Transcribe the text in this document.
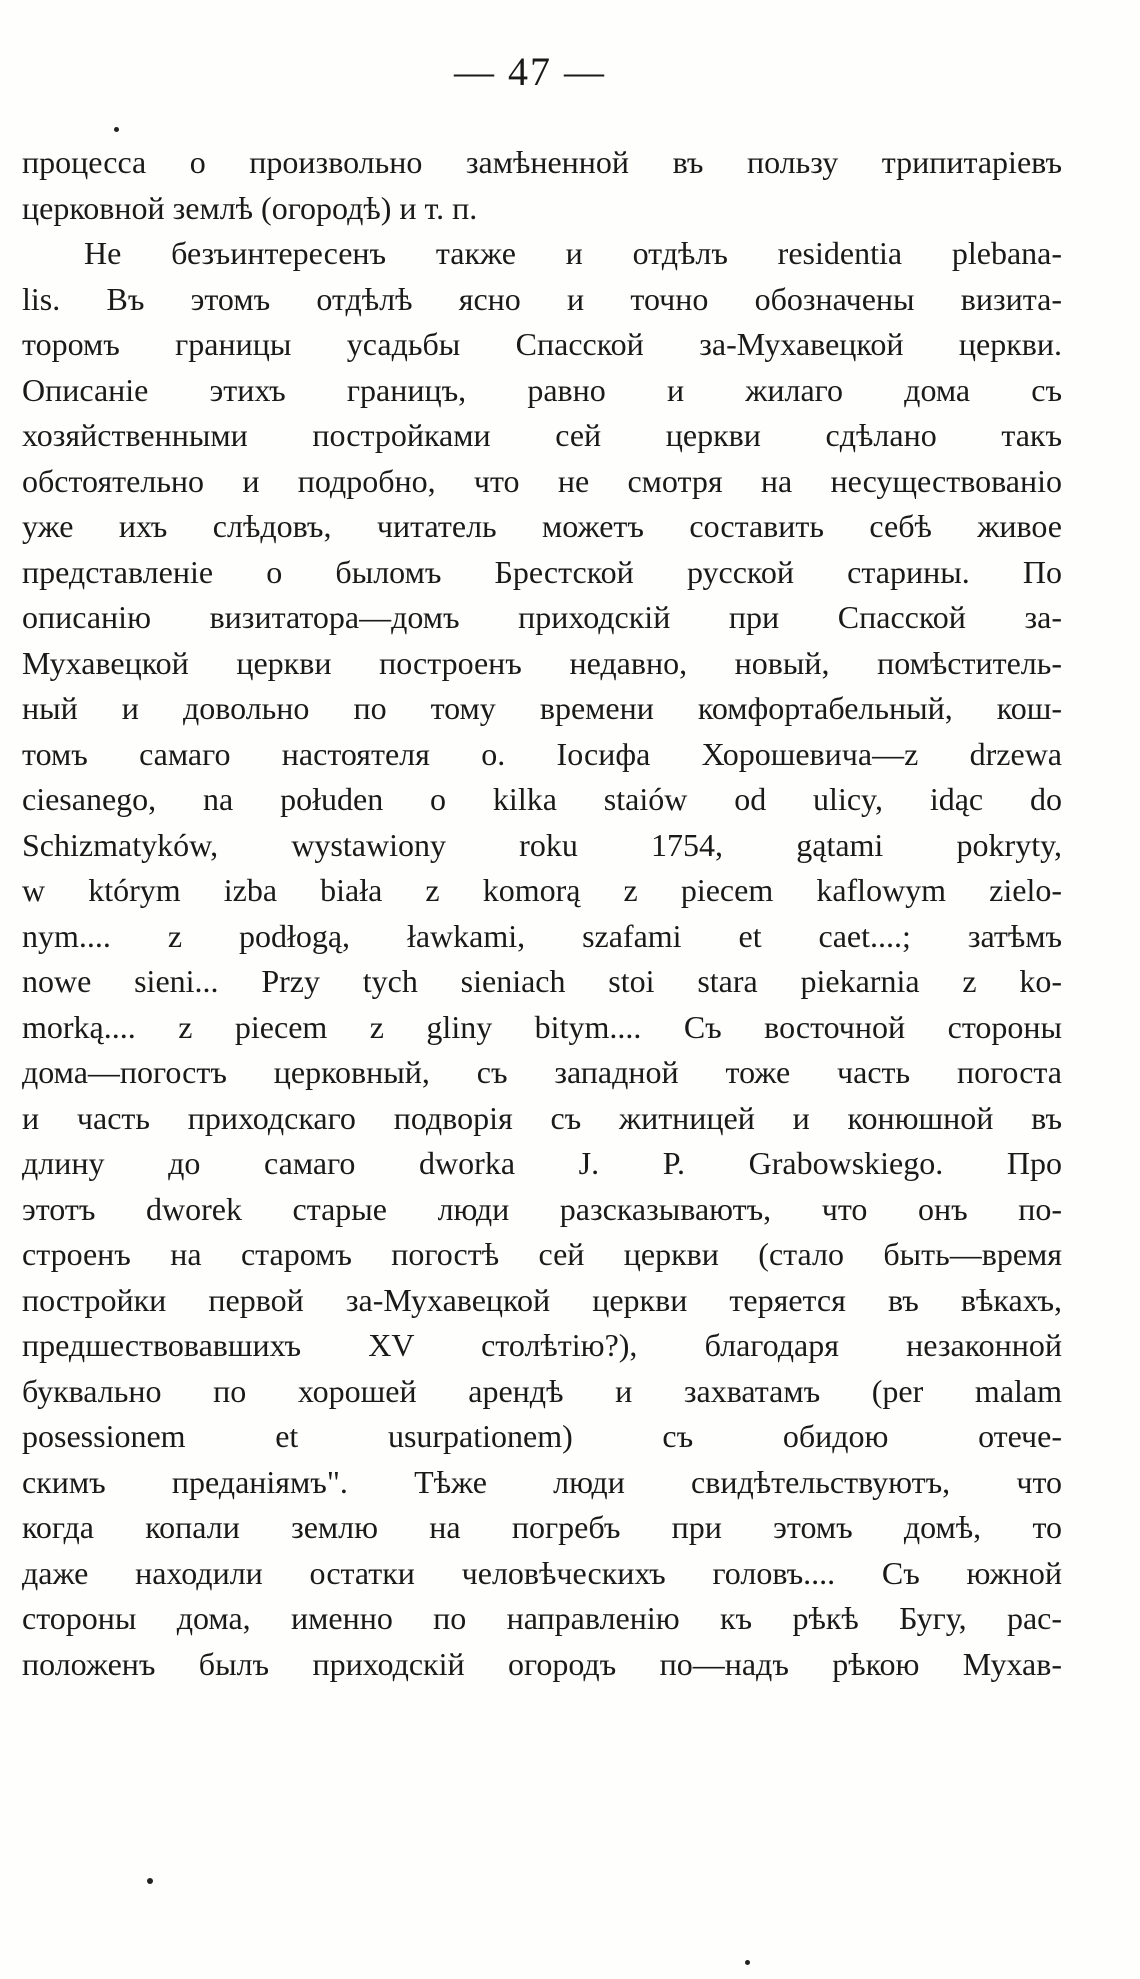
— 47 —
процесса о произвольно замѣненной въ пользу трипитаріевъ
церковной землѣ (огородѣ) и т. п.
Не безъинтересенъ также и отдѣлъ residentia plebana-
lis. Въ этомъ отдѣлѣ ясно и точно обозначены визита-
торомъ границы усадьбы Спасской за-Мухавецкой церкви.
Описаніе этихъ границъ, равно и жилаго дома съ
хозяйственными постройками сей церкви сдѣлано такъ
обстоятельно и подробно, что не смотря на несуществованіо
уже ихъ слѣдовъ, читатель можетъ составить себѣ живое
представленіе о быломъ Брестской русской старины. По
описанію визитатора—домъ приходскій при Спасской за-
Мухавецкой церкви построенъ недавно, новый, помѣститель-
ный и довольно по тому времени комфортабельный, кош-
томъ самаго настоятеля о. Іосифа Хорошевича—z drzewa
ciesanego, na połuden o kilka staiów od ulicy, idąc do
Schizmatyków, wystawiony roku 1754, gątami pokryty,
w którym izba biała z komorą z piecem kaflowym zielo-
nym.... z podłogą, ławkami, szafami et caet....; затѣмъ
nowe sieni... Przy tych sieniach stoi stara piekarnia z ko-
morką.... z piecem z gliny bitym.... Съ восточной стороны
дома—погостъ церковный, съ западной тоже часть погоста
и часть приходскаго подворія съ житницей и конюшной въ
длину до самаго dworka J. P. Grabowskiego. Про
этотъ dworek старые люди разсказываютъ, что онъ по-
строенъ на старомъ погостѣ сей церкви (стало быть—время
постройки первой за-Мухавецкой церкви теряется въ вѣкахъ,
предшествовавшихъ XV столѣтію?), благодаря незаконной
буквально по хорошей арендѣ и захватамъ (per malam
posessionem et usurpationem) съ обидою отече-
скимъ преданіямъ". Тѣже люди свидѣтельствуютъ, что
когда копали землю на погребъ при этомъ домѣ, то
даже находили остатки человѣческихъ головъ.... Съ южной
стороны дома, именно по направленію къ рѣкѣ Бугу, рас-
положенъ былъ приходскій огородъ по—надъ рѣкою Мухав-
